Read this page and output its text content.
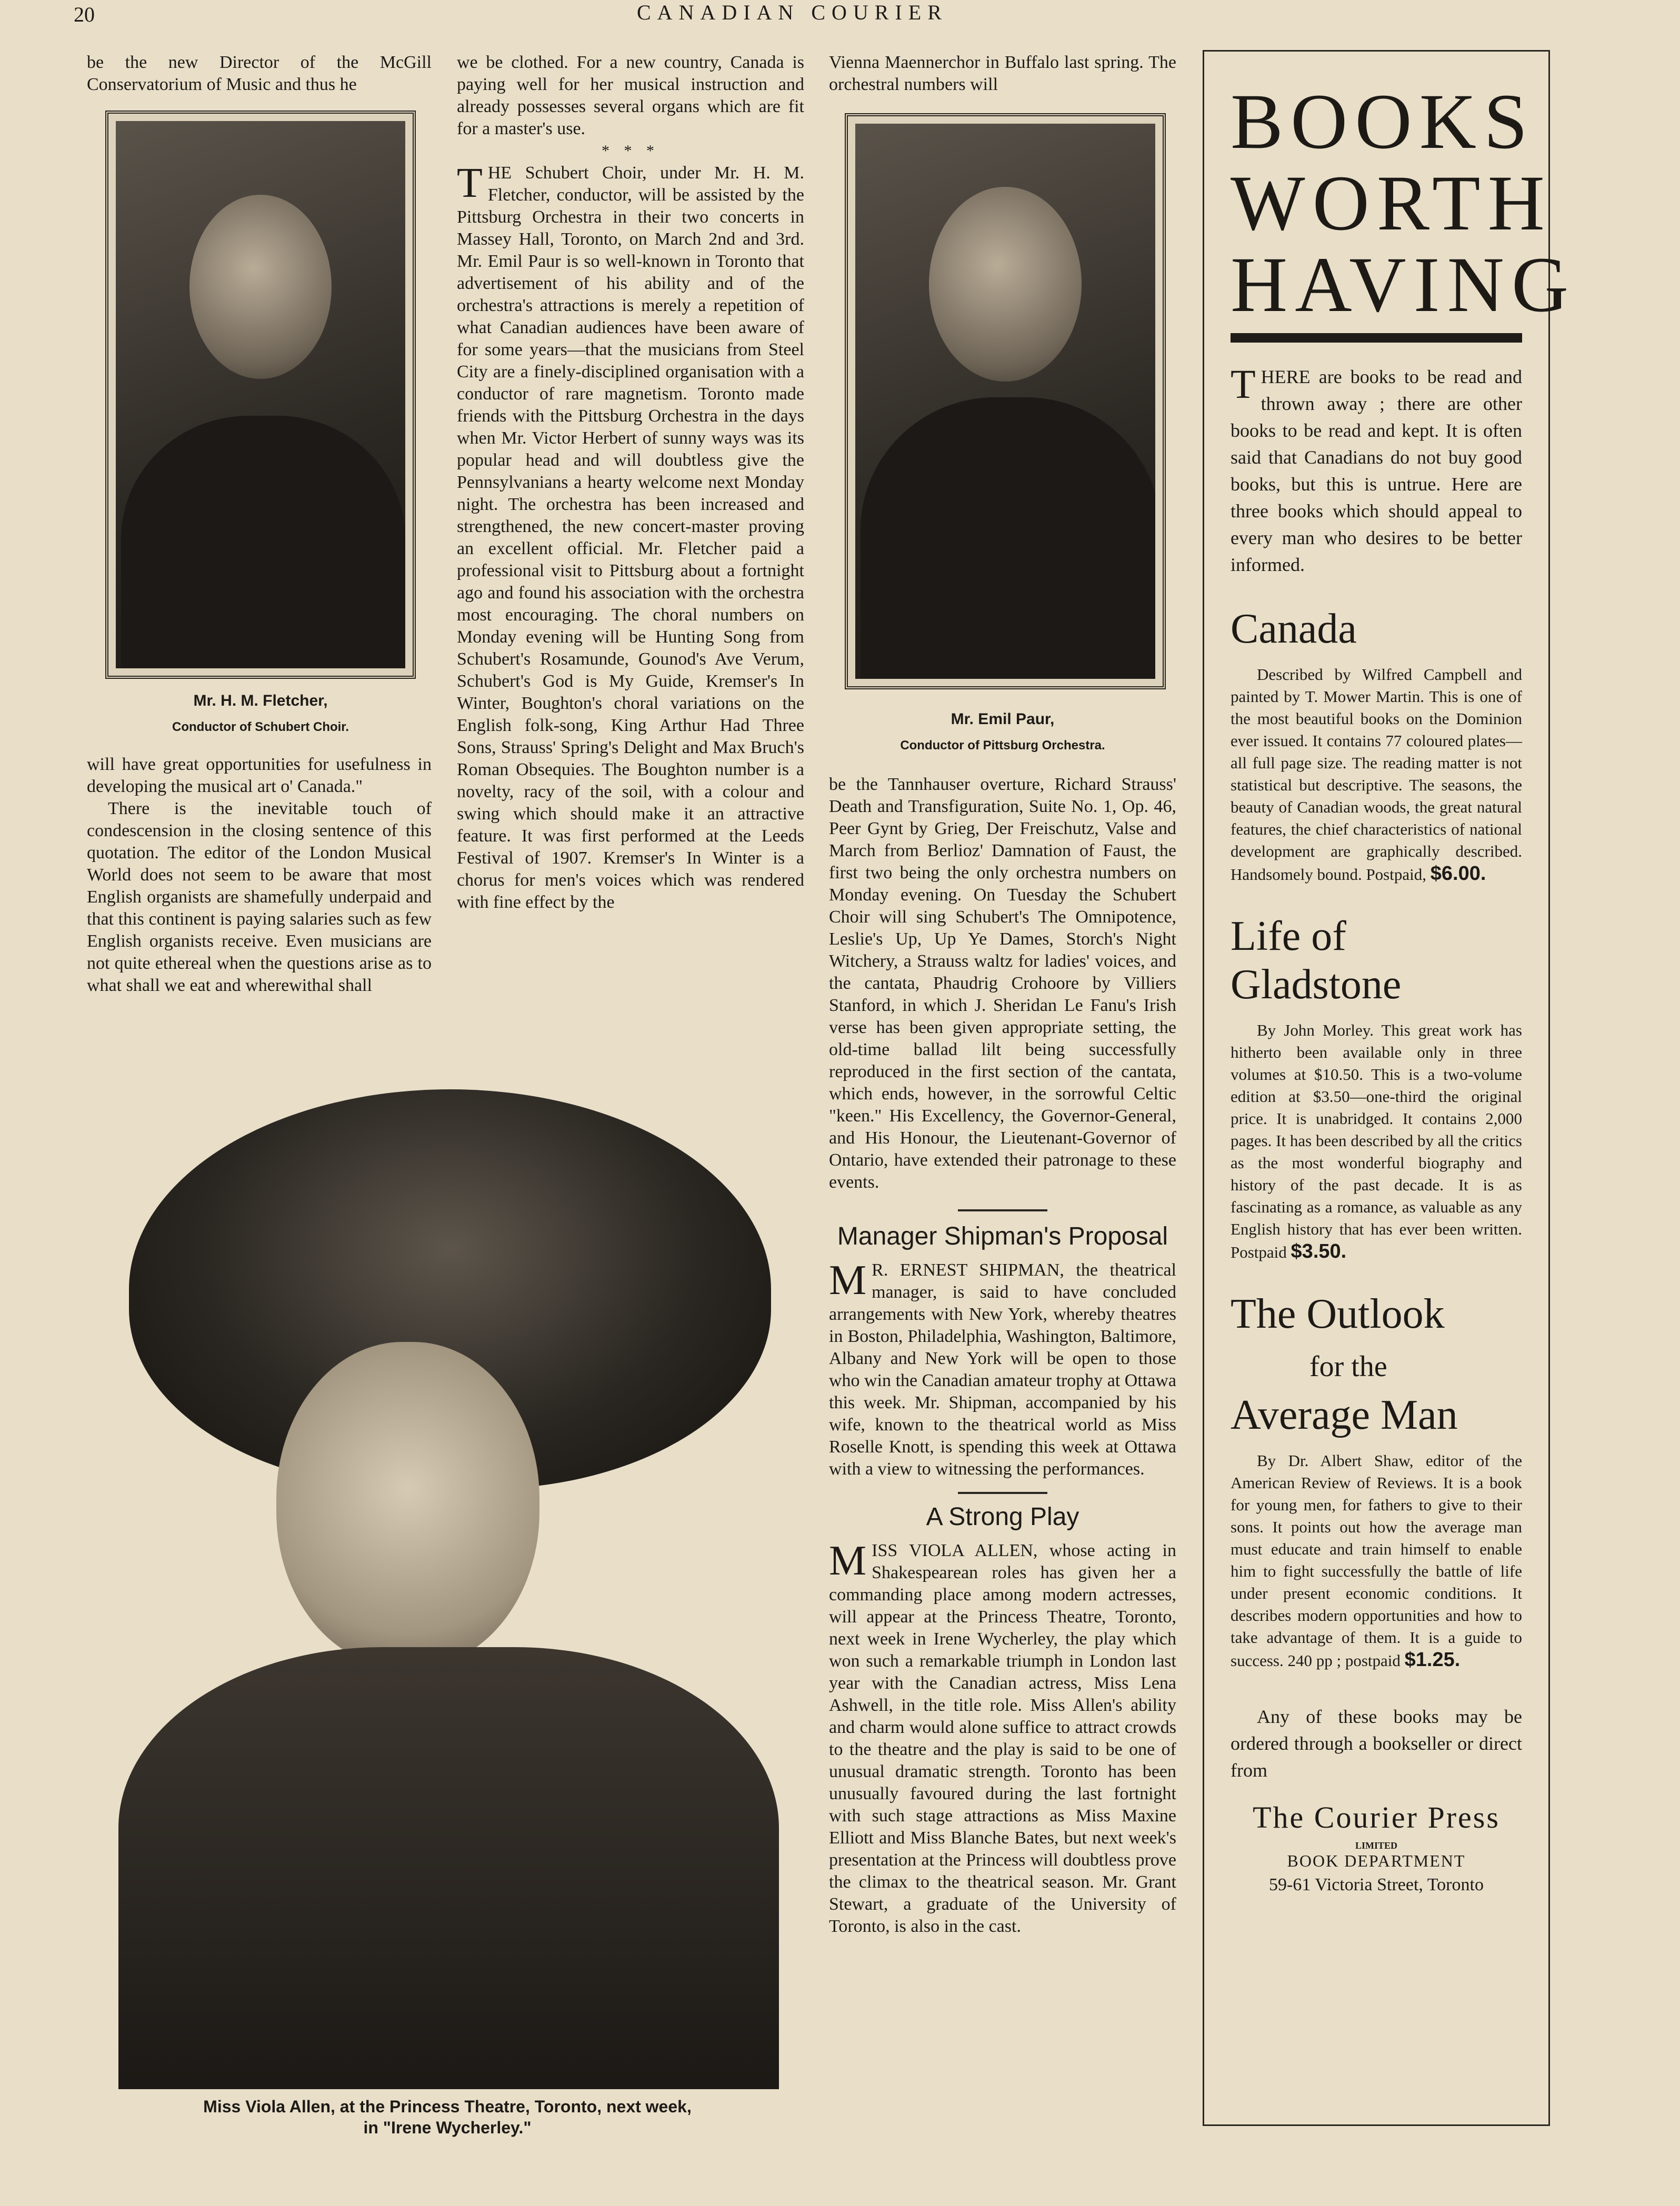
20	CANADIAN COURIER

be the new Director of the McGill Conservatorium of Music and thus he

Mr. H. M. Fletcher,
Conductor of Schubert Choir.

will have great opportunities for usefulness in developing the musical art o' Canada."

There is the inevitable touch of condescension in the closing sentence of this quotation. The editor of the London Musical World does not seem to be aware that most English organists are shamefully underpaid and that this continent is paying salaries such as few English organists receive. Even musicians are not quite ethereal when the questions arise as to what shall we eat and wherewithal shall

we be clothed. For a new country, Canada is paying well for her musical instruction and already possesses several organs which are fit for a master's use.

* * *

THE Schubert Choir, under Mr. H. M. Fletcher, conductor, will be assisted by the Pittsburg Orchestra in their two concerts in Massey Hall, Toronto, on March 2nd and 3rd. Mr. Emil Paur is so well-known in Toronto that advertisement of his ability and of the orchestra's attractions is merely a repetition of what Canadian audiences have been aware of for some years—that the musicians from Steel City are a finely-disciplined organisation with a conductor of rare magnetism. Toronto made friends with the Pittsburg Orchestra in the days when Mr. Victor Herbert of sunny ways was its popular head and will doubtless give the Pennsylvanians a hearty welcome next Monday night. The orchestra has been increased and strengthened, the new concert-master proving an excellent official. Mr. Fletcher paid a professional visit to Pittsburg about a fortnight ago and found his association with the orchestra most encouraging. The choral numbers on Monday evening will be Hunting Song from Schubert's Rosamunde, Gounod's Ave Verum, Schubert's God is My Guide, Kremser's In Winter, Boughton's choral variations on the English folk-song, King Arthur Had Three Sons, Strauss' Spring's Delight and Max Bruch's Roman Obsequies. The Boughton number is a novelty, racy of the soil, with a colour and swing which should make it an attractive feature. It was first performed at the Leeds Festival of 1907. Kremser's In Winter is a chorus for men's voices which was rendered with fine effect by the

Vienna Maennerchor in Buffalo last spring. The orchestral numbers will

Mr. Emil Paur,
Conductor of Pittsburg Orchestra.

be the Tannhauser overture, Richard Strauss' Death and Transfiguration, Suite No. 1, Op. 46, Peer Gynt by Grieg, Der Freischutz, Valse and March from Berlioz' Damnation of Faust, the first two being the only orchestra numbers on Monday evening. On Tuesday the Schubert Choir will sing Schubert's The Omnipotence, Leslie's Up, Up Ye Dames, Storch's Night Witchery, a Strauss waltz for ladies' voices, and the cantata, Phaudrig Crohoore by Villiers Stanford, in which J. Sheridan Le Fanu's Irish verse has been given appropriate setting, the old-time ballad lilt being successfully reproduced in the first section of the cantata, which ends, however, in the sorrowful Celtic "keen." His Excellency, the Governor-General, and His Honour, the Lieutenant-Governor of Ontario, have extended their patronage to these events.

Manager Shipman's Proposal

M R. ERNEST SHIPMAN, the theatrical manager, is said to have concluded arrangements with New York, whereby theatres in Boston, Philadelphia, Washington, Baltimore, Albany and New York will be open to those who win the Canadian amateur trophy at Ottawa this week. Mr. Shipman, accompanied by his wife, known to the theatrical world as Miss Roselle Knott, is spending this week at Ottawa with a view to witnessing the performances.

A Strong Play

MISS VIOLA ALLEN, whose acting in Shakespearean roles has given her a commanding place among modern actresses, will appear at the Princess Theatre, Toronto, next week in Irene Wycherley, the play which won such a remarkable triumph in London last year with the Canadian actress, Miss Lena Ashwell, in the title role. Miss Allen's ability and charm would alone suffice to attract crowds to the theatre and the play is said to be one of unusual dramatic strength. Toronto has been unusually favoured during the last fortnight with such stage attractions as Miss Maxine Elliott and Miss Blanche Bates, but next week's presentation at the Princess will doubtless prove the climax to the theatrical season. Mr. Grant Stewart, a graduate of the University of Toronto, is also in the cast.

Miss Viola Allen, at the Princess Theatre, Toronto, next week,
in "Irene Wycherley."
BOOKS
WORTH
HAVING

THERE are books to be read and thrown away ; there are other books to be read and kept. It is often said that Canadians do not buy good books, but this is untrue. Here are three books which should appeal to every man who desires to be better informed.

Canada

Described by Wilfred Campbell and painted by T. Mower Martin. This is one of the most beautiful books on the Dominion ever issued. It contains 77 coloured plates—all full page size. The reading matter is not statistical but descriptive. The seasons, the beauty of Canadian woods, the great natural features, the chief characteristics of national development are graphically described. Handsomely bound. Postpaid, $6.00.

Life of
Gladstone

By John Morley. This great work has hitherto been available only in three volumes at $10.50. This is a two-volume edition at $3.50—one-third the original price. It is unabridged. It contains 2,000 pages. It has been described by all the critics as the most wonderful biography and history of the past decade. It is as fascinating as a romance, as valuable as any English history that has ever been written. Postpaid $3.50.

The Outlook
for the
Average Man

By Dr. Albert Shaw, editor of the American Review of Reviews. It is a book for young men, for fathers to give to their sons. It points out how the average man must educate and train himself to enable him to fight successfully the battle of life under present economic conditions. It describes modern opportunities and how to take advantage of them. It is a guide to success. 240 pp ; postpaid $1.25.

Any of these books may be ordered through a bookseller or direct from

The Courier Press
LIMITED
BOOK DEPARTMENT
59-61 Victoria Street, Toronto
